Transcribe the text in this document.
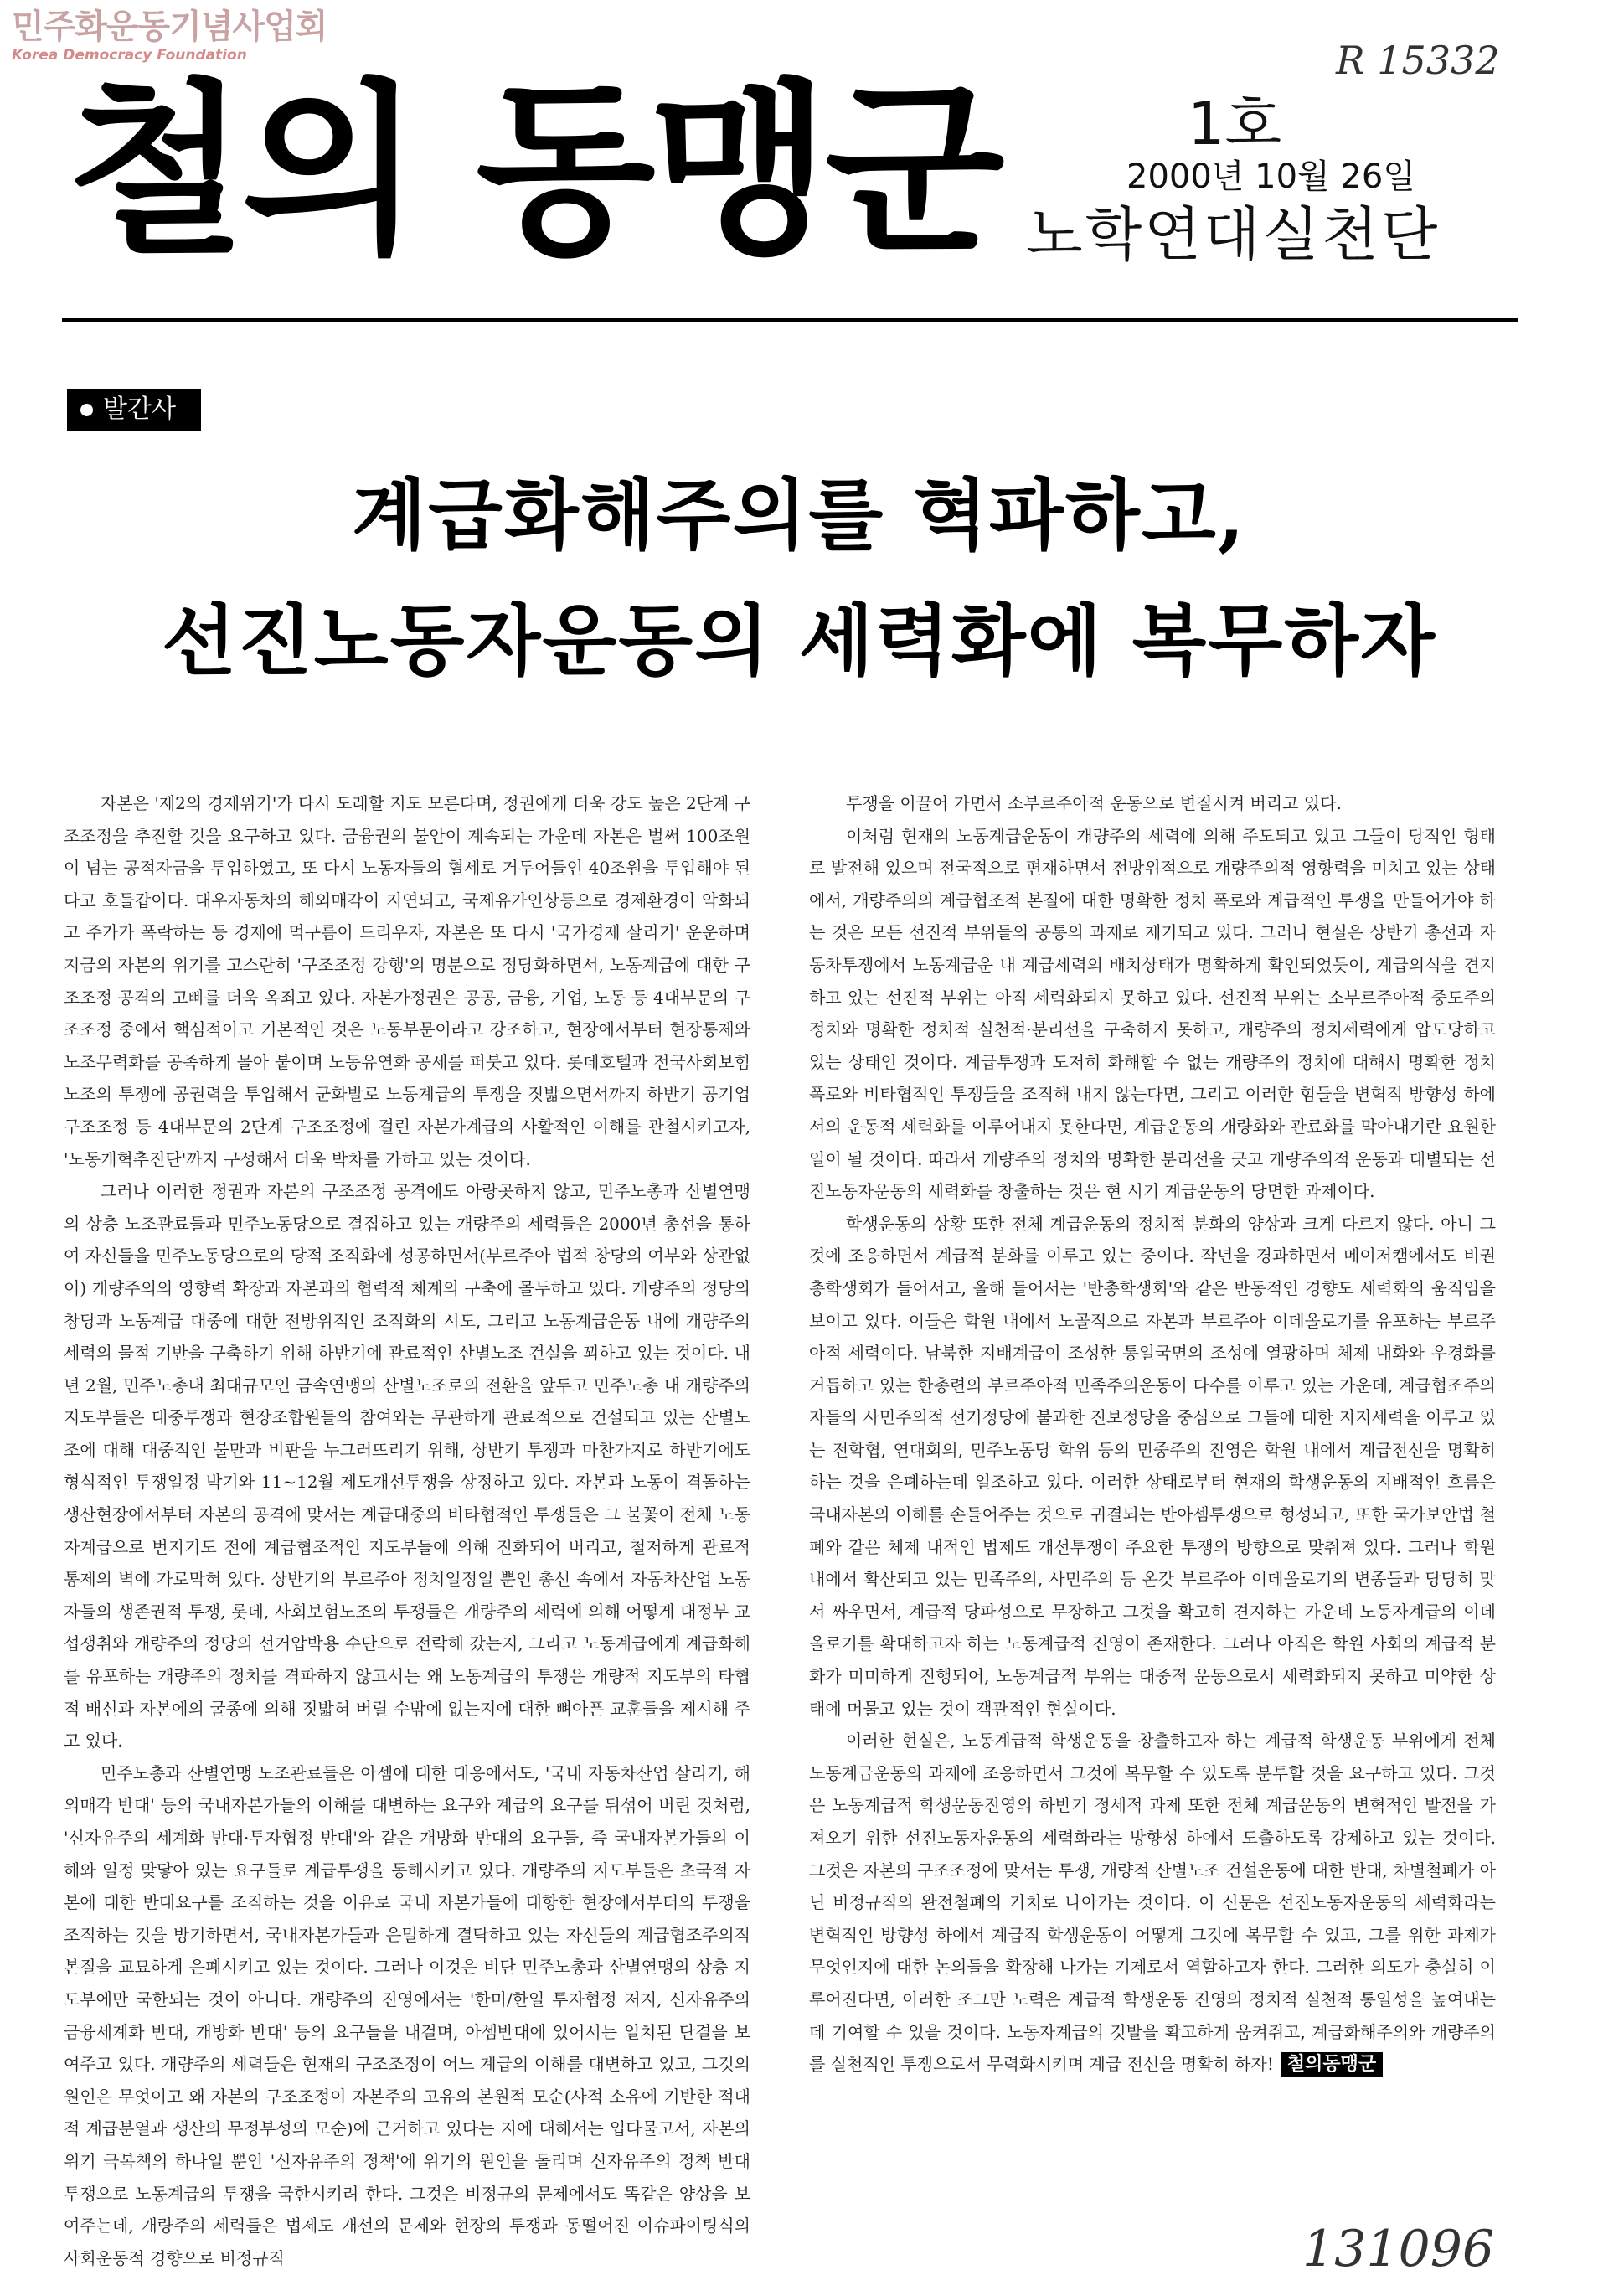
민주화운동기념사업회
Korea Democracy Foundation	R 15332
철의 동맹군	1호
2000년 10월 26일
노학연대실천단
발간사
계급화해주의를 혁파하고,
선진노동자운동의 세력화에 복무하자

자본은 '제2의 경제위기'가 다시 도래할 지도 모른다며, 정권에게 더욱 강도 높은 2단계 구조조정을 추진할 것을 요구하고 있다. 금융권의 불안이 계속되는 가운데 자본은 벌써 100조원이 넘는 공적자금을 투입하였고, 또 다시 노동자들의 혈세로 거두어들인 40조원을 투입해야 된다고 호들갑이다. 대우자동차의 해외매각이 지연되고, 국제유가인상등으로 경제환경이 악화되고 주가가 폭락하는 등 경제에 먹구름이 드리우자, 자본은 또 다시 '국가경제 살리기' 운운하며 지금의 자본의 위기를 고스란히 '구조조정 강행'의 명분으로 정당화하면서, 노동계급에 대한 구조조정 공격의 고삐를 더욱 옥죄고 있다. 자본가정권은 공공, 금융, 기업, 노동 등 4대부문의 구조조정 중에서 핵심적이고 기본적인 것은 노동부문이라고 강조하고, 현장에서부터 현장통제와 노조무력화를 공족하게 몰아 붙이며 노동유연화 공세를 퍼붓고 있다. 롯데호텔과 전국사회보험노조의 투쟁에 공권력을 투입해서 군화발로 노동계급의 투쟁을 짓밟으면서까지 하반기 공기업 구조조정 등 4대부문의 2단계 구조조정에 걸린 자본가계급의 사활적인 이해를 관철시키고자, '노동개혁추진단'까지 구성해서 더욱 박차를 가하고 있는 것이다.

그러나 이러한 정권과 자본의 구조조정 공격에도 아랑곳하지 않고, 민주노총과 산별연맹의 상층 노조관료들과 민주노동당으로 결집하고 있는 개량주의 세력들은 2000년 총선을 통하여 자신들을 민주노동당으로의 당적 조직화에 성공하면서(부르주아 법적 창당의 여부와 상관없이) 개량주의의 영향력 확장과 자본과의 협력적 체계의 구축에 몰두하고 있다. 개량주의 정당의 창당과 노동계급 대중에 대한 전방위적인 조직화의 시도, 그리고 노동계급운동 내에 개량주의 세력의 물적 기반을 구축하기 위해 하반기에 관료적인 산별노조 건설을 꾀하고 있는 것이다. 내년 2월, 민주노총내 최대규모인 금속연맹의 산별노조로의 전환을 앞두고 민주노총 내 개량주의 지도부들은 대중투쟁과 현장조합원들의 참여와는 무관하게 관료적으로 건설되고 있는 산별노조에 대해 대중적인 불만과 비판을 누그러뜨리기 위해, 상반기 투쟁과 마찬가지로 하반기에도 형식적인 투쟁일정 박기와 11~12월 제도개선투쟁을 상정하고 있다. 자본과 노동이 격돌하는 생산현장에서부터 자본의 공격에 맞서는 계급대중의 비타협적인 투쟁들은 그 불꽃이 전체 노동자계급으로 번지기도 전에 계급협조적인 지도부들에 의해 진화되어 버리고, 철저하게 관료적 통제의 벽에 가로막혀 있다. 상반기의 부르주아 정치일정일 뿐인 총선 속에서 자동차산업 노동자들의 생존권적 투쟁, 롯데, 사회보험노조의 투쟁들은 개량주의 세력에 의해 어떻게 대정부 교섭쟁취와 개량주의 정당의 선거압박용 수단으로 전락해 갔는지, 그리고 노동계급에게 계급화해를 유포하는 개량주의 정치를 격파하지 않고서는 왜 노동계급의 투쟁은 개량적 지도부의 타협적 배신과 자본에의 굴종에 의해 짓밟혀 버릴 수밖에 없는지에 대한 뼈아픈 교훈들을 제시해 주고 있다.

민주노총과 산별연맹 노조관료들은 아셈에 대한 대응에서도, '국내 자동차산업 살리기, 해외매각 반대' 등의 국내자본가들의 이해를 대변하는 요구와 계급의 요구를 뒤섞어 버린 것처럼, '신자유주의 세계화 반대·투자협정 반대'와 같은 개방화 반대의 요구들, 즉 국내자본가들의 이해와 일정 맞닿아 있는 요구들로 계급투쟁을 동해시키고 있다. 개량주의 지도부들은 초국적 자본에 대한 반대요구를 조직하는 것을 이유로 국내 자본가들에 대항한 현장에서부터의 투쟁을 조직하는 것을 방기하면서, 국내자본가들과 은밀하게 결탁하고 있는 자신들의 계급협조주의적 본질을 교묘하게 은폐시키고 있는 것이다. 그러나 이것은 비단 민주노총과 산별연맹의 상층 지도부에만 국한되는 것이 아니다. 개량주의 진영에서는 '한미/한일 투자협정 저지, 신자유주의 금융세계화 반대, 개방화 반대' 등의 요구들을 내걸며, 아셈반대에 있어서는 일치된 단결을 보여주고 있다. 개량주의 세력들은 현재의 구조조정이 어느 계급의 이해를 대변하고 있고, 그것의 원인은 무엇이고 왜 자본의 구조조정이 자본주의 고유의 본원적 모순(사적 소유에 기반한 적대적 계급분열과 생산의 무정부성의 모순)에 근거하고 있다는 지에 대해서는 입다물고서, 자본의 위기 극복책의 하나일 뿐인 '신자유주의 정책'에 위기의 원인을 돌리며 신자유주의 정책 반대 투쟁으로 노동계급의 투쟁을 국한시키려 한다. 그것은 비정규의 문제에서도 똑같은 양상을 보여주는데, 개량주의 세력들은 법제도 개선의 문제와 현장의 투쟁과 동떨어진 이슈파이팅식의 사회운동적 경향으로 비정규직

투쟁을 이끌어 가면서 소부르주아적 운동으로 변질시켜 버리고 있다.

이처럼 현재의 노동계급운동이 개량주의 세력에 의해 주도되고 있고 그들이 당적인 형태로 발전해 있으며 전국적으로 편재하면서 전방위적으로 개량주의적 영향력을 미치고 있는 상태에서, 개량주의의 계급협조적 본질에 대한 명확한 정치 폭로와 계급적인 투쟁을 만들어가야 하는 것은 모든 선진적 부위들의 공통의 과제로 제기되고 있다. 그러나 현실은 상반기 총선과 자동차투쟁에서 노동계급운 내 계급세력의 배치상태가 명확하게 확인되었듯이, 계급의식을 견지하고 있는 선진적 부위는 아직 세력화되지 못하고 있다. 선진적 부위는 소부르주아적 중도주의 정치와 명확한 정치적 실천적·분리선을 구축하지 못하고, 개량주의 정치세력에게 압도당하고 있는 상태인 것이다. 계급투쟁과 도저히 화해할 수 없는 개량주의 정치에 대해서 명확한 정치 폭로와 비타협적인 투쟁들을 조직해 내지 않는다면, 그리고 이러한 힘들을 변혁적 방향성 하에서의 운동적 세력화를 이루어내지 못한다면, 계급운동의 개량화와 관료화를 막아내기란 요원한 일이 될 것이다. 따라서 개량주의 정치와 명확한 분리선을 긋고 개량주의적 운동과 대별되는 선진노동자운동의 세력화를 창출하는 것은 현 시기 계급운동의 당면한 과제이다.

학생운동의 상황 또한 전체 계급운동의 정치적 분화의 양상과 크게 다르지 않다. 아니 그것에 조응하면서 계급적 분화를 이루고 있는 중이다. 작년을 경과하면서 메이저캠에서도 비권 총학생회가 들어서고, 올해 들어서는 '반총학생회'와 같은 반동적인 경향도 세력화의 움직임을 보이고 있다. 이들은 학원 내에서 노골적으로 자본과 부르주아 이데올로기를 유포하는 부르주아적 세력이다. 남북한 지배계급이 조성한 통일국면의 조성에 열광하며 체제 내화와 우경화를 거듭하고 있는 한총련의 부르주아적 민족주의운동이 다수를 이루고 있는 가운데, 계급협조주의자들의 사민주의적 선거정당에 불과한 진보정당을 중심으로 그들에 대한 지지세력을 이루고 있는 전학협, 연대회의, 민주노동당 학위 등의 민중주의 진영은 학원 내에서 계급전선을 명확히 하는 것을 은폐하는데 일조하고 있다. 이러한 상태로부터 현재의 학생운동의 지배적인 흐름은 국내자본의 이해를 손들어주는 것으로 귀결되는 반아셈투쟁으로 형성되고, 또한 국가보안법 철폐와 같은 체제 내적인 법제도 개선투쟁이 주요한 투쟁의 방향으로 맞춰져 있다. 그러나 학원 내에서 확산되고 있는 민족주의, 사민주의 등 온갖 부르주아 이데올로기의 변종들과 당당히 맞서 싸우면서, 계급적 당파성으로 무장하고 그것을 확고히 견지하는 가운데 노동자계급의 이데올로기를 확대하고자 하는 노동계급적 진영이 존재한다. 그러나 아직은 학원 사회의 계급적 분화가 미미하게 진행되어, 노동계급적 부위는 대중적 운동으로서 세력화되지 못하고 미약한 상태에 머물고 있는 것이 객관적인 현실이다.

이러한 현실은, 노동계급적 학생운동을 창출하고자 하는 계급적 학생운동 부위에게 전체 노동계급운동의 과제에 조응하면서 그것에 복무할 수 있도록 분투할 것을 요구하고 있다. 그것은 노동계급적 학생운동진영의 하반기 정세적 과제 또한 전체 계급운동의 변혁적인 발전을 가져오기 위한 선진노동자운동의 세력화라는 방향성 하에서 도출하도록 강제하고 있는 것이다. 그것은 자본의 구조조정에 맞서는 투쟁, 개량적 산별노조 건설운동에 대한 반대, 차별철폐가 아닌 비정규직의 완전철폐의 기치로 나아가는 것이다. 이 신문은 선진노동자운동의 세력화라는 변혁적인 방향성 하에서 계급적 학생운동이 어떻게 그것에 복무할 수 있고, 그를 위한 과제가 무엇인지에 대한 논의들을 확장해 나가는 기제로서 역할하고자 한다. 그러한 의도가 충실히 이루어진다면, 이러한 조그만 노력은 계급적 학생운동 진영의 정치적 실천적 통일성을 높여내는데 기여할 수 있을 것이다. 노동자계급의 깃발을 확고하게 움켜쥐고, 계급화해주의와 개량주의를 실천적인 투쟁으로서 무력화시키며 계급 전선을 명확히 하자! 철의동맹군

131096
